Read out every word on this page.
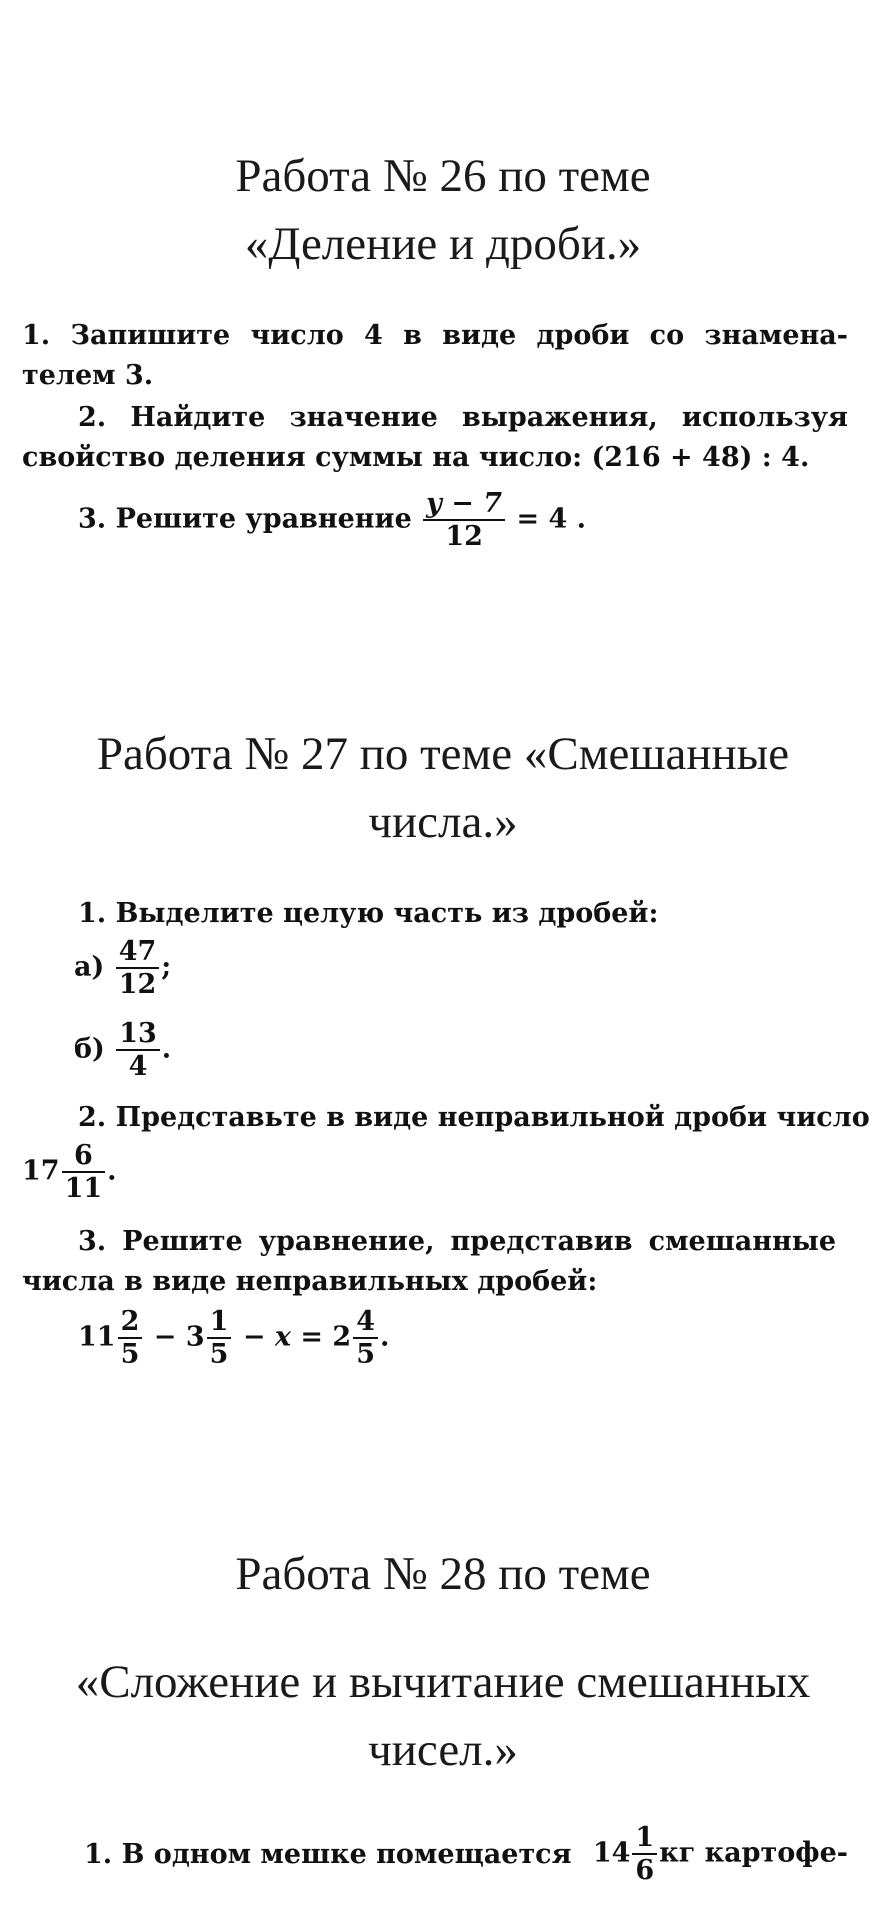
Работа № 26 по теме «Деление и дроби.»
1. Запишите число 4 в виде дроби со знамена-
телем 3.
2. Найдите значение выражения, используя
свойство деления суммы на число: (216 + 48) : 4.
3. Решите уравнение $\frac{y - 7}{12} = 4$ .
Работа № 27 по теме «Смешанные числа.»
1. Выделите целую часть из дробей:
$а) \frac{47}{12}$ ;
$б) \frac{13}{4}$ .
2. Представьте в виде неправильной дроби число
$17 \frac{6}{11}$ .
3. Решите уравнение, представив смешанные
числа в виде неправильных дробей:
$11 \frac{2}{5} - 3 \frac{1}{5} - x = 2 \frac{4}{5}$ .
Работа № 28 по теме
«Сложение и вычитание смешанных чисел.»
1. В одном мешке помещается $14 \frac{1}{6}$ кг картофе-
